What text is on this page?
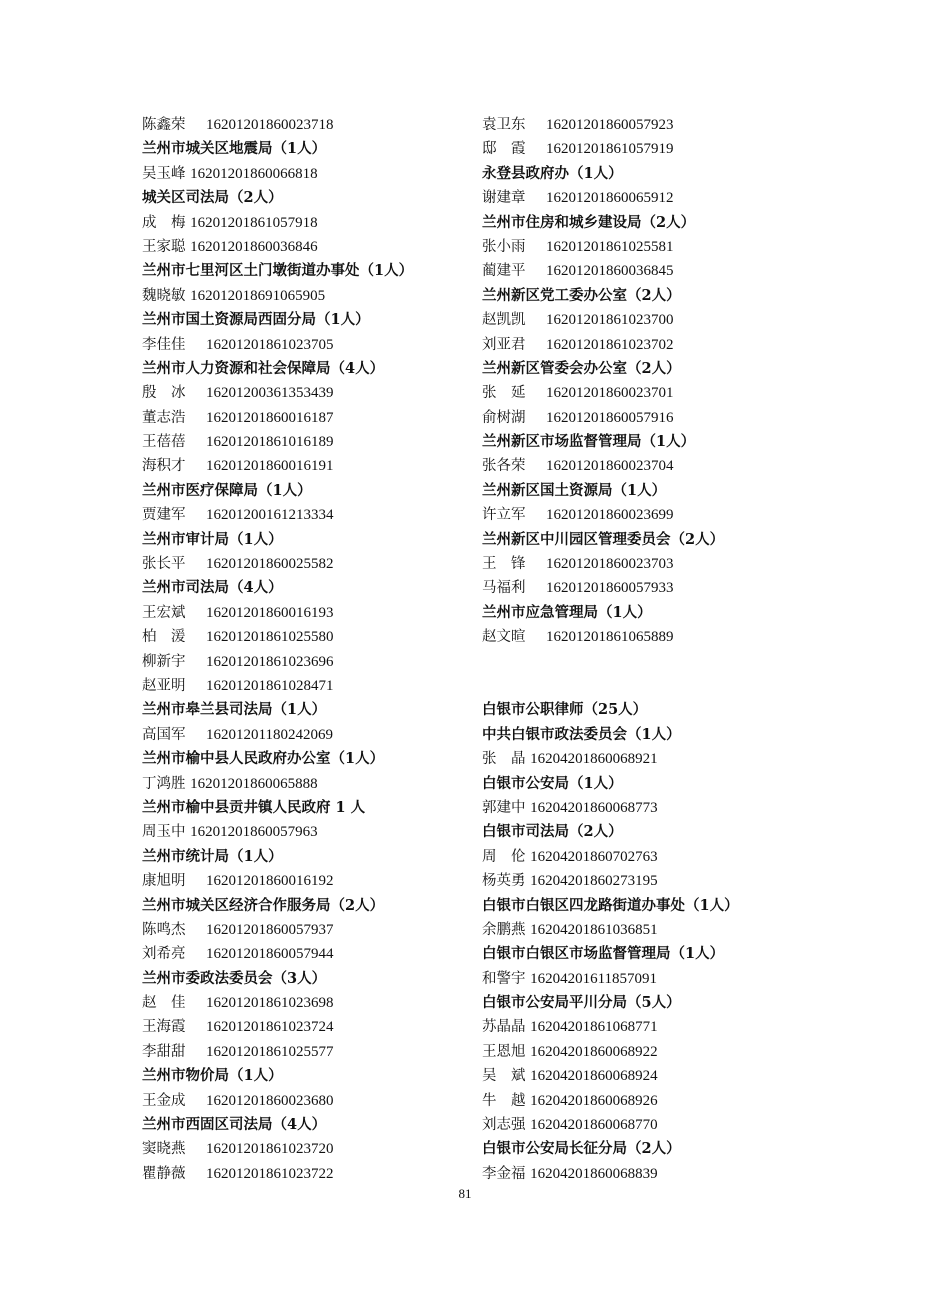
陈鑫荣 16201201860023718
兰州市城关区地震局（1人）
吴玉峰 16201201860066818
城关区司法局（2人）
成　梅 16201201861057918
王家聪 16201201860036846
兰州市七里河区土门墩街道办事处（1人）
魏晓敏 162012018691065905
兰州市国土资源局西固分局（1人）
李佳佳 16201201861023705
兰州市人力资源和社会保障局（4人）
殷　冰 16201200361353439
董志浩 16201201860016187
王蓓蓓 16201201861016189
海积才 16201201860016191
兰州市医疗保障局（1人）
贾建军 16201200161213334
兰州市审计局（1人）
张长平 16201201860025582
兰州市司法局（4人）
王宏斌 16201201860016193
柏　湲 16201201861025580
柳新宇 16201201861023696
赵亚明 16201201861028471
兰州市皋兰县司法局（1人）
高国军 16201201180242069
兰州市榆中县人民政府办公室（1人）
丁鸿胜 16201201860065888
兰州市榆中县贡井镇人民政府 1 人
周玉中 16201201860057963
兰州市统计局（1人）
康旭明 16201201860016192
兰州市城关区经济合作服务局（2人）
陈鸣杰 16201201860057937
刘希亮 16201201860057944
兰州市委政法委员会（3人）
赵　佳 16201201861023698
王海霞 16201201861023724
李甜甜 16201201861025577
兰州市物价局（1人）
王金成 16201201860023680
兰州市西固区司法局（4人）
窦晓燕 16201201861023720
瞿静薇 16201201861023722
袁卫东 16201201860057923
邸　霞 16201201861057919
永登县政府办（1人）
谢建章 16201201860065912
兰州市住房和城乡建设局（2人）
张小雨 16201201861025581
蔺建平 16201201860036845
兰州新区党工委办公室（2人）
赵凯凯 16201201861023700
刘亚君 16201201861023702
兰州新区管委会办公室（2人）
张　延 16201201860023701
俞树湖 16201201860057916
兰州新区市场监督管理局（1人）
张各荣 16201201860023704
兰州新区国土资源局（1人）
许立军 16201201860023699
兰州新区中川园区管理委员会（2人）
王　锋 16201201860023703
马福利 16201201860057933
兰州市应急管理局（1人）
赵文暄 16201201861065889
白银市公职律师（25人）
中共白银市政法委员会（1人）
张　晶 16204201860068921
白银市公安局（1人）
郭建中 16204201860068773
白银市司法局（2人）
周　伦 16204201860702763
杨英勇 16204201860273195
白银市白银区四龙路街道办事处（1人）
余鹏燕 16204201861036851
白银市白银区市场监督管理局（1人）
和警宇 16204201611857091
白银市公安局平川分局（5人）
苏晶晶 16204201861068771
王恩旭 16204201860068922
吴　斌 16204201860068924
牛　越 16204201860068926
刘志强 16204201860068770
白银市公安局长征分局（2人）
李金福 16204201860068839
81
